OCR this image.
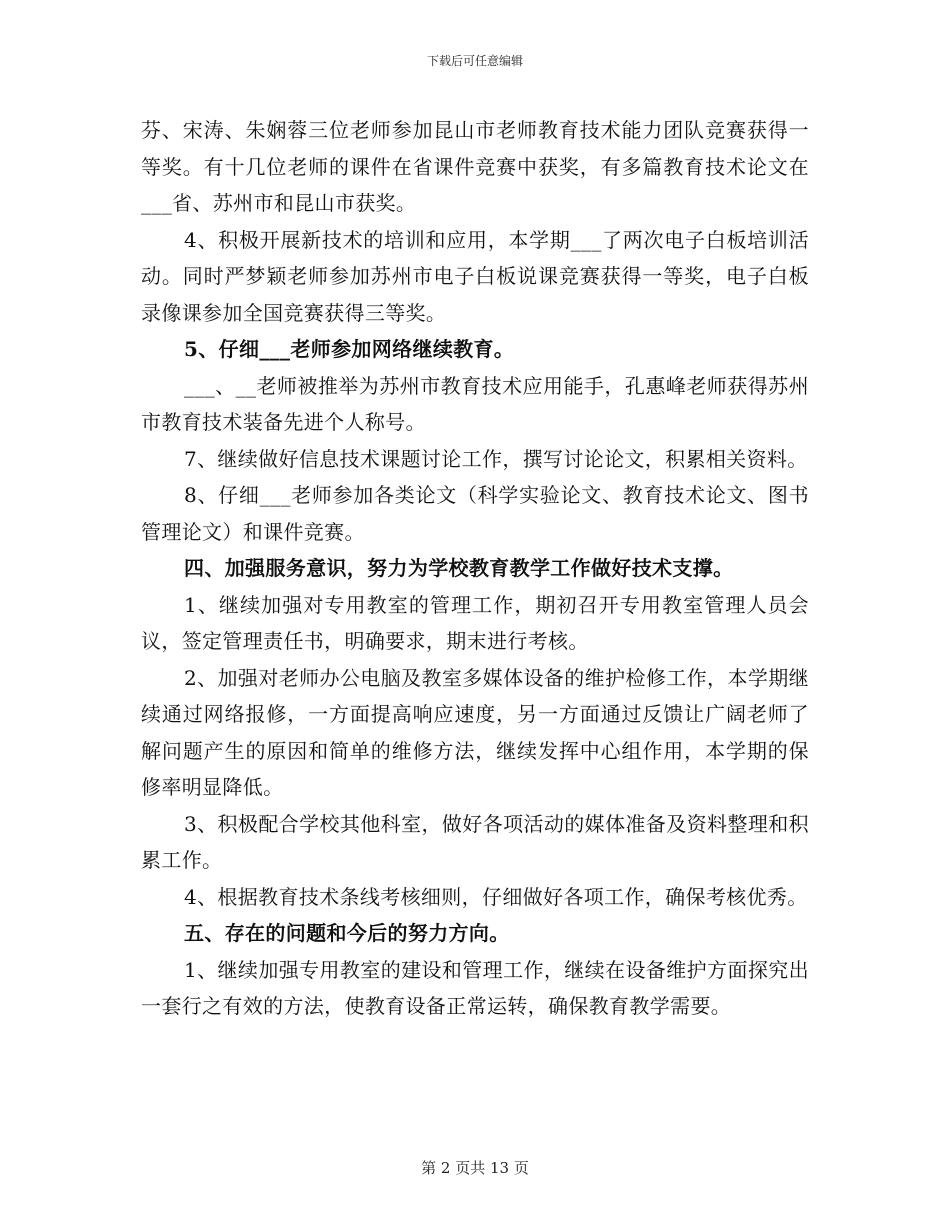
下载后可任意编辑

芬、宋涛、朱娴蓉三位老师参加昆山市老师教育技术能力团队竞赛获得一等奖。有十几位老师的课件在省课件竞赛中获奖，有多篇教育技术论文在___省、苏州市和昆山市获奖。

4、积极开展新技术的培训和应用，本学期___了两次电子白板培训活动。同时严梦颖老师参加苏州市电子白板说课竞赛获得一等奖，电子白板录像课参加全国竞赛获得三等奖。

5、仔细___老师参加网络继续教育。

___、__老师被推举为苏州市教育技术应用能手，孔惠峰老师获得苏州市教育技术装备先进个人称号。

7、继续做好信息技术课题讨论工作，撰写讨论论文，积累相关资料。

8、仔细___老师参加各类论文（科学实验论文、教育技术论文、图书管理论文）和课件竞赛。

四、加强服务意识，努力为学校教育教学工作做好技术支撑。

1、继续加强对专用教室的管理工作，期初召开专用教室管理人员会议，签定管理责任书，明确要求，期末进行考核。

2、加强对老师办公电脑及教室多媒体设备的维护检修工作，本学期继续通过网络报修，一方面提高响应速度，另一方面通过反馈让广阔老师了解问题产生的原因和简单的维修方法，继续发挥中心组作用，本学期的保修率明显降低。

3、积极配合学校其他科室，做好各项活动的媒体准备及资料整理和积累工作。

4、根据教育技术条线考核细则，仔细做好各项工作，确保考核优秀。

五、存在的问题和今后的努力方向。

1、继续加强专用教室的建设和管理工作，继续在设备维护方面探究出一套行之有效的方法，使教育设备正常运转，确保教育教学需要。

第 2 页共 13 页
